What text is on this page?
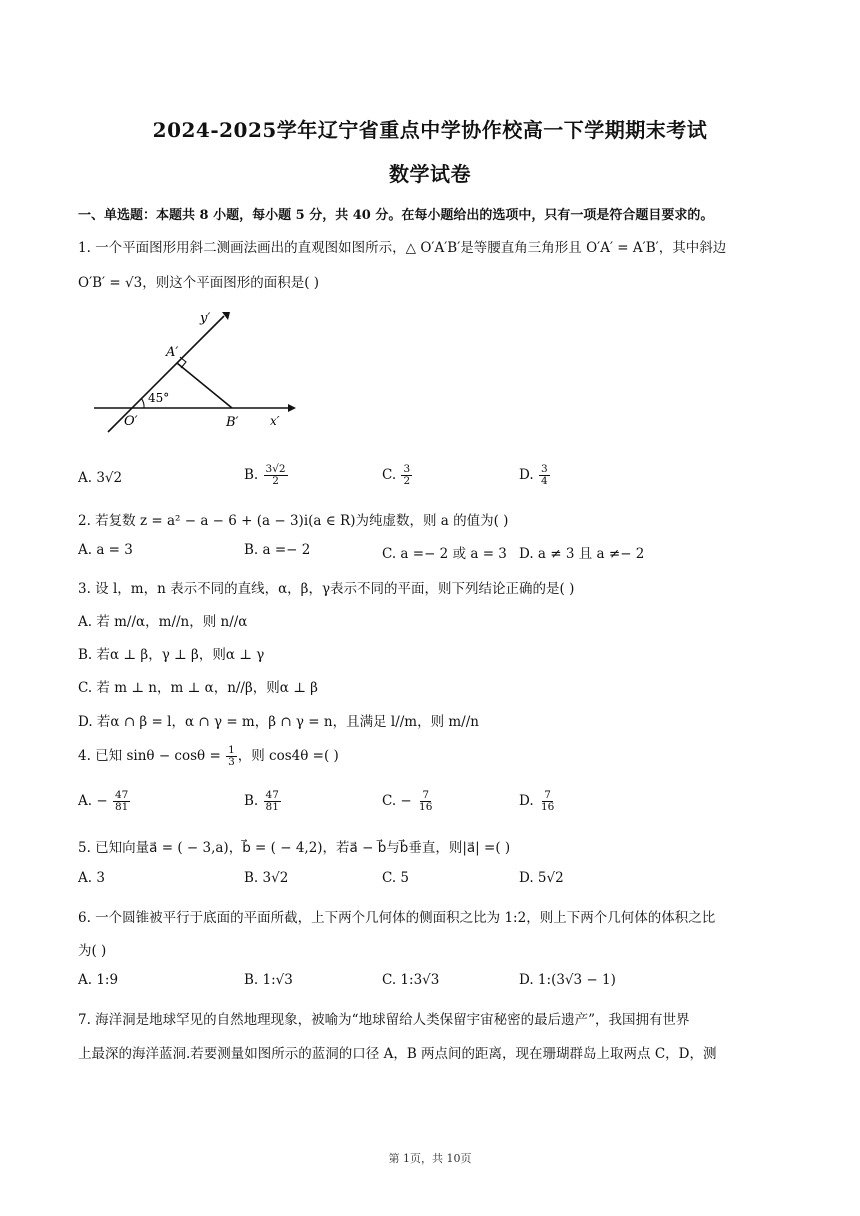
2024-2025学年辽宁省重点中学协作校高一下学期期末考试
数学试卷
一、单选题：本题共 8 小题，每小题 5 分，共 40 分。在每小题给出的选项中，只有一项是符合题目要求的。
1. 一个平面图形用斜二测画法画出的直观图如图所示，△ O′A′B′是等腰直角三角形且 O′A′ = A′B′，其中斜边
O′B′ = √3，则这个平面图形的面积是( )
y′
A′
45°
O′	B′	x′
A. 3√2	B. $\frac{3√2}{2}$	C. $\frac{3}{2}$	D. $\frac{3}{4}$
2. 若复数 z = a² − a − 6 + (a − 3)i(a ∈ R)为纯虚数，则 a 的值为( )
A. a = 3	B. a =− 2	C. a =− 2 或 a = 3 D. a ≠ 3 且 a ≠− 2
3. 设 l，m，n 表示不同的直线，α，β，γ表示不同的平面，则下列结论正确的是( )
A. 若 m//α，m//n，则 n//α
B. 若α ⊥ β，γ ⊥ β，则α ⊥ γ
C. 若 m ⊥ n，m ⊥ α，n//β，则α ⊥ β
D. 若α ∩ β = l，α ∩ γ = m，β ∩ γ = n，且满足 l//m，则 m//n
4. 已知 $\sin\theta - \cos\theta = \frac{1}{3}$ ，则 cos4θ =( )
A. − $\frac{47}{81}$	B. $\frac{47}{81}$	C. − $\frac{7}{16}$	D. $\frac{7}{16}$
5. 已知向量a⃗ = ( − 3,a)，b⃗ = ( − 4,2)，若a⃗ − b⃗与b⃗垂直，则|a⃗| =( )
A. 3	B. 3√2	C. 5	D. 5√2
6. 一个圆锥被平行于底面的平面所截，上下两个几何体的侧面积之比为 1:2，则上下两个几何体的体积之比
为( )
A. 1:9	B. 1:√3	C. 1:3√3	D. 1:(3√3 − 1)
7. 海洋洞是地球罕见的自然地理现象，被喻为“地球留给人类保留宇宙秘密的最后遗产”，我国拥有世界
上最深的海洋蓝洞.若要测量如图所示的蓝洞的口径 A，B 两点间的距离，现在珊瑚群岛上取两点 C，D，测
第 1页，共 10页
